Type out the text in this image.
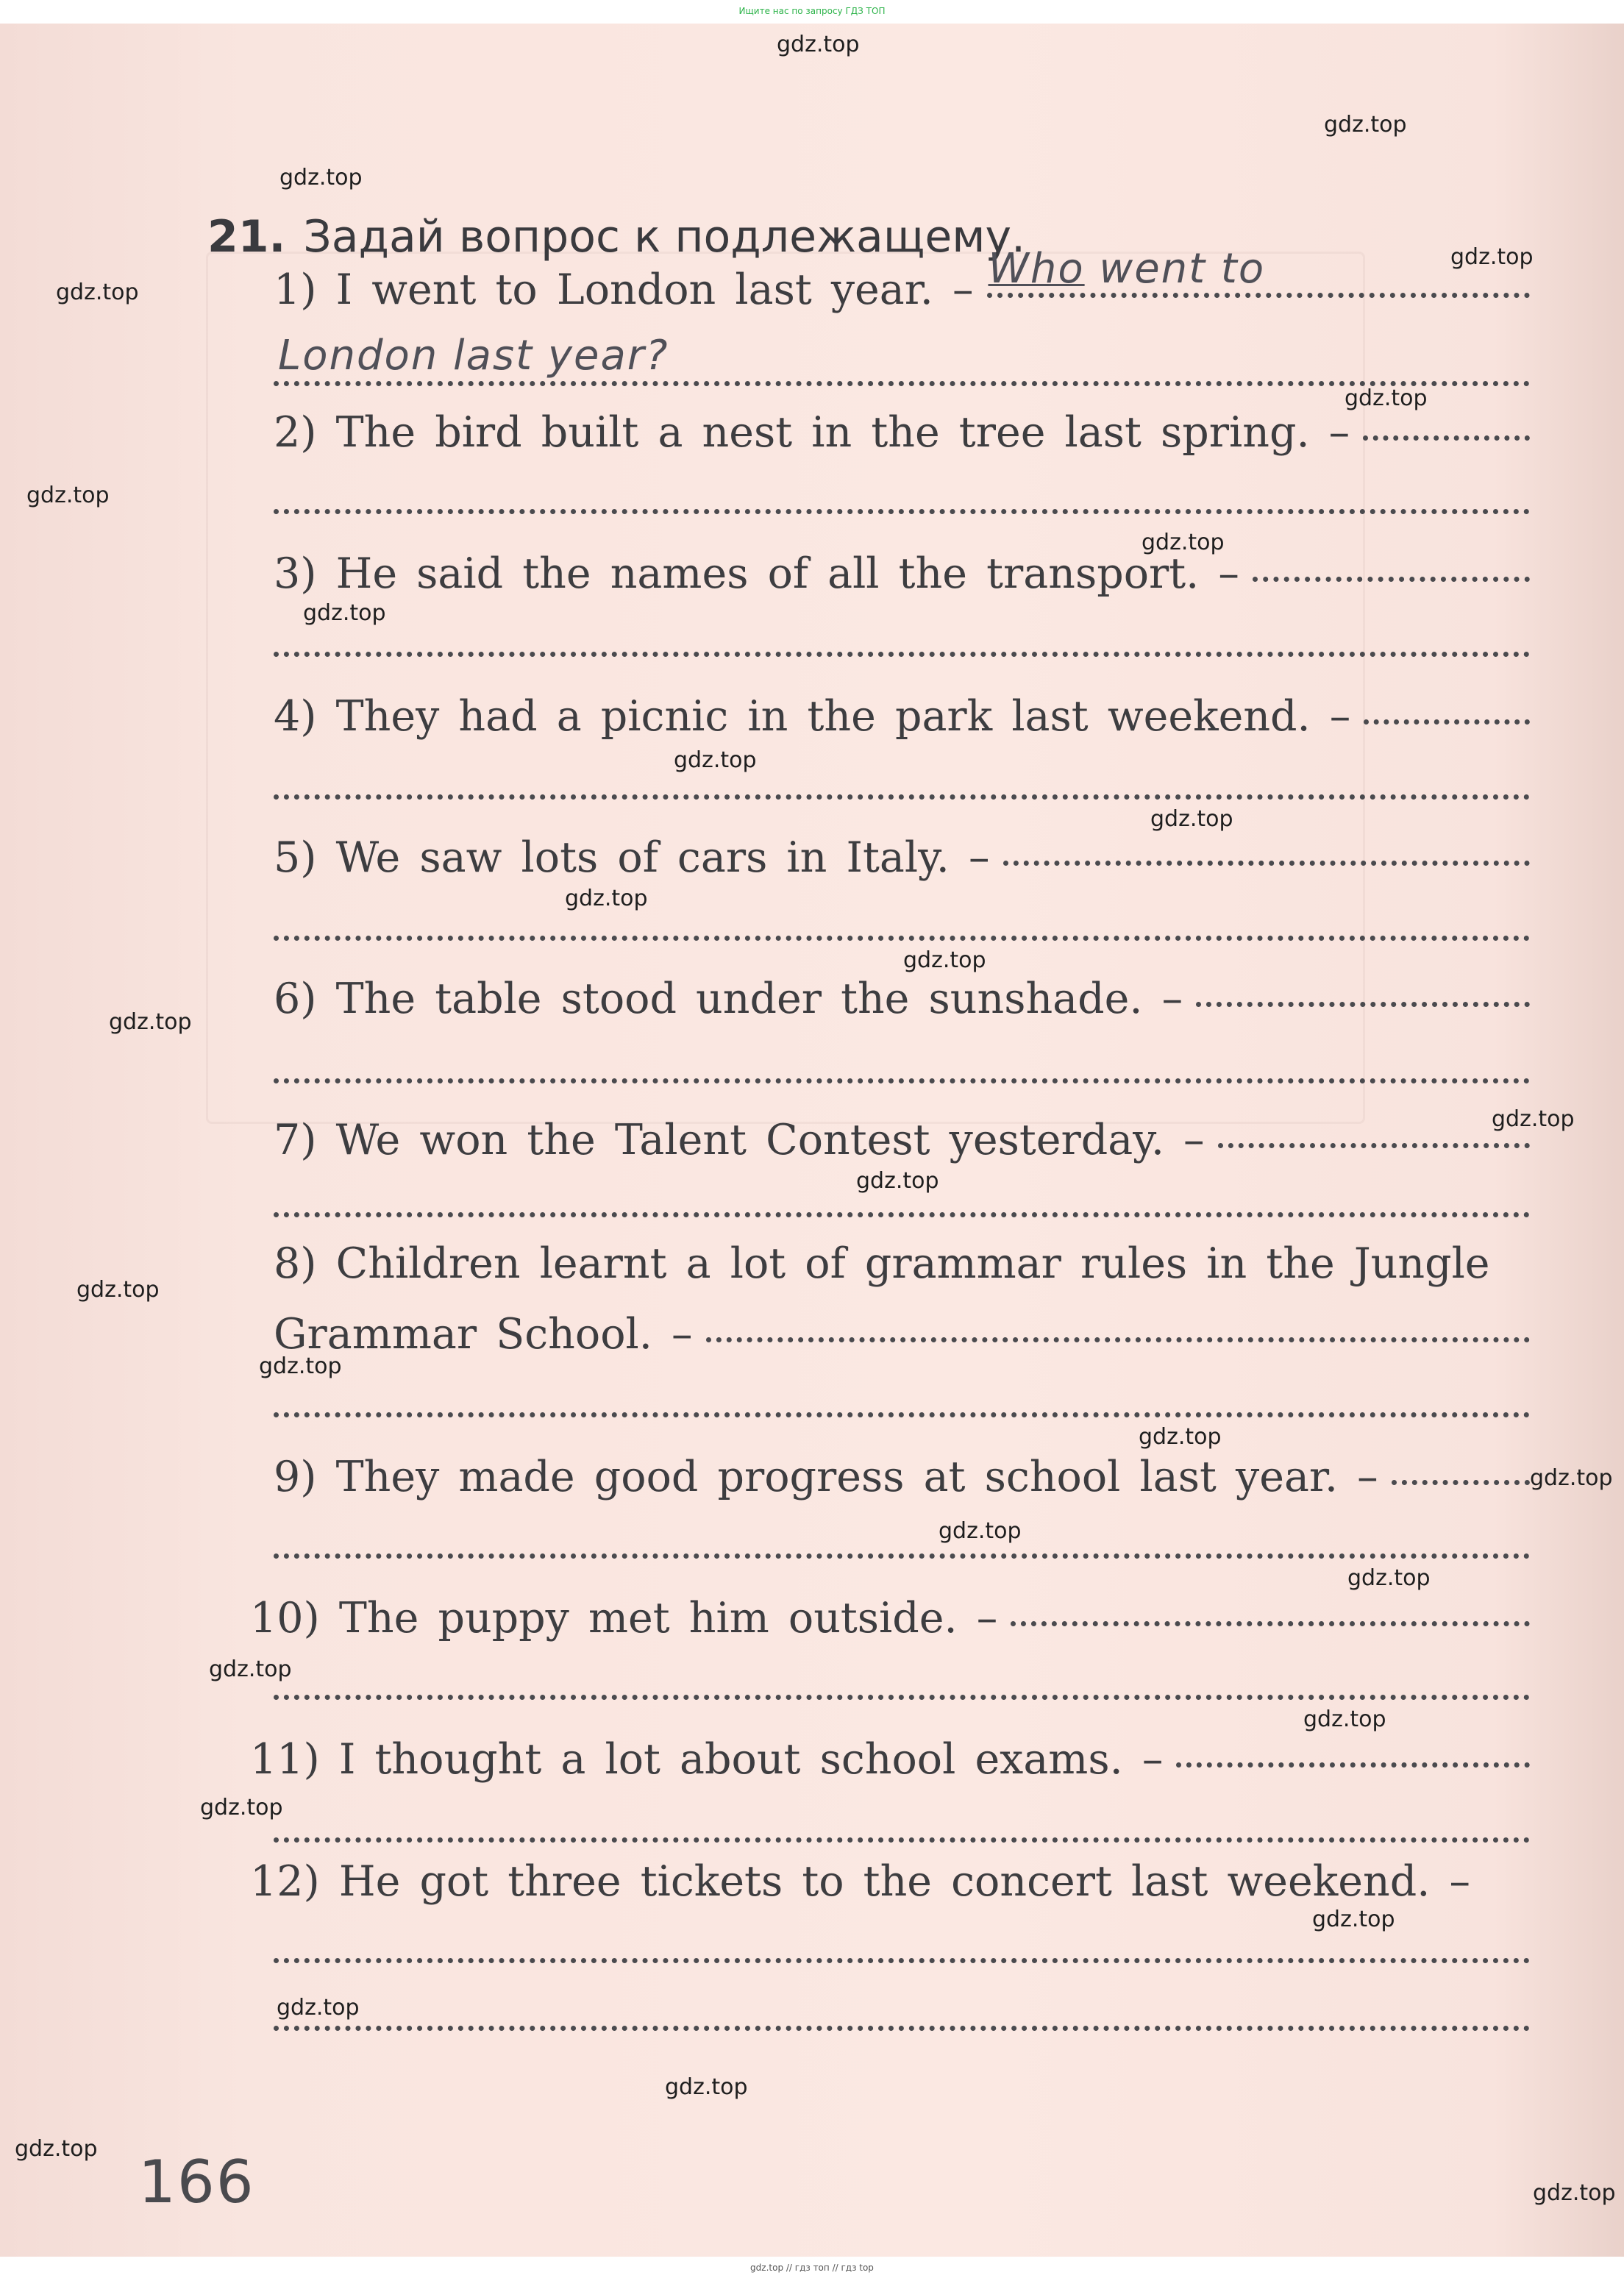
Ищите нас по запросу ГДЗ ТОП
21. Задай вопрос к подлежащему.
1) I went to London last year. – Who went to
London last year?
2) The bird built a nest in the tree last spring. –
3) He said the names of all the transport. –
4) They had a picnic in the park last weekend. –
5) We saw lots of cars in Italy. –
6) The table stood under the sunshade. –
7) We won the Talent Contest yesterday. –
8) Children learnt a lot of grammar rules in the Jungle
Grammar School. –
9) They made good progress at school last year. –
10) The puppy met him outside. –
11) I thought a lot about school exams. –
12) He got three tickets to the concert last weekend. –
166
gdz.top
gdz.top
gdz.top
gdz.top
gdz.top
gdz.top
gdz.top
gdz.top
gdz.top
gdz.top
gdz.top
gdz.top
gdz.top
gdz.top
gdz.top
gdz.top
gdz.top
gdz.top
gdz.top
gdz.top
gdz.top
gdz.top
gdz.top
gdz.top
gdz.top
gdz.top
gdz.top
gdz.top
gdz.top
gdz.top
gdz.top // гдз топ // гдз top
